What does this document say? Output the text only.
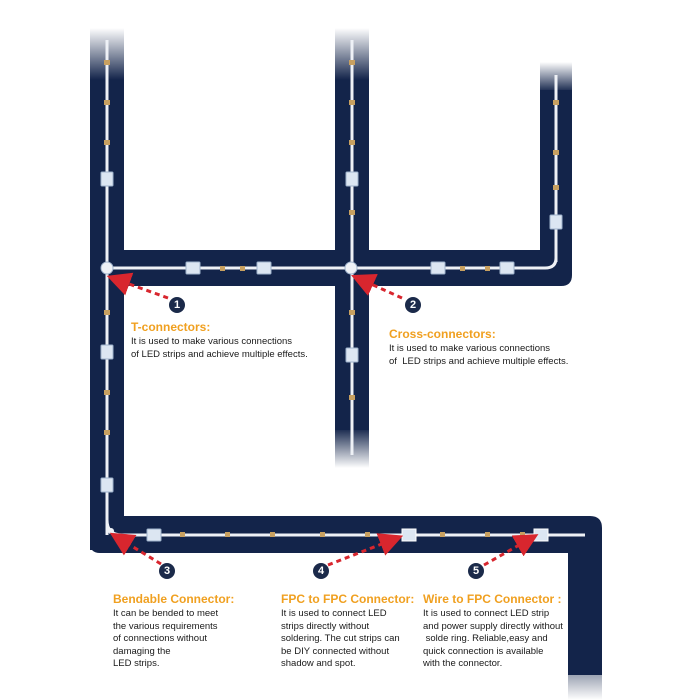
1	2
3	4	5
T-connectors:
It is used to make various connections
of LED strips and achieve multiple effects.
Cross-connectors:
It is used to make various connections
of  LED strips and achieve multiple effects.
Bendable Connector:
It can be bended to meet
the various requirements
of connections without
damaging the
LED strips.
FPC to FPC Connector:
It is used to connect LED
strips directly without
soldering. The cut strips can
be DIY connected without
shadow and spot.
Wire to FPC Connector :
It is used to connect LED strip
and power supply directly without
solde ring. Reliable,easy and
quick connection is available
with the connector.
